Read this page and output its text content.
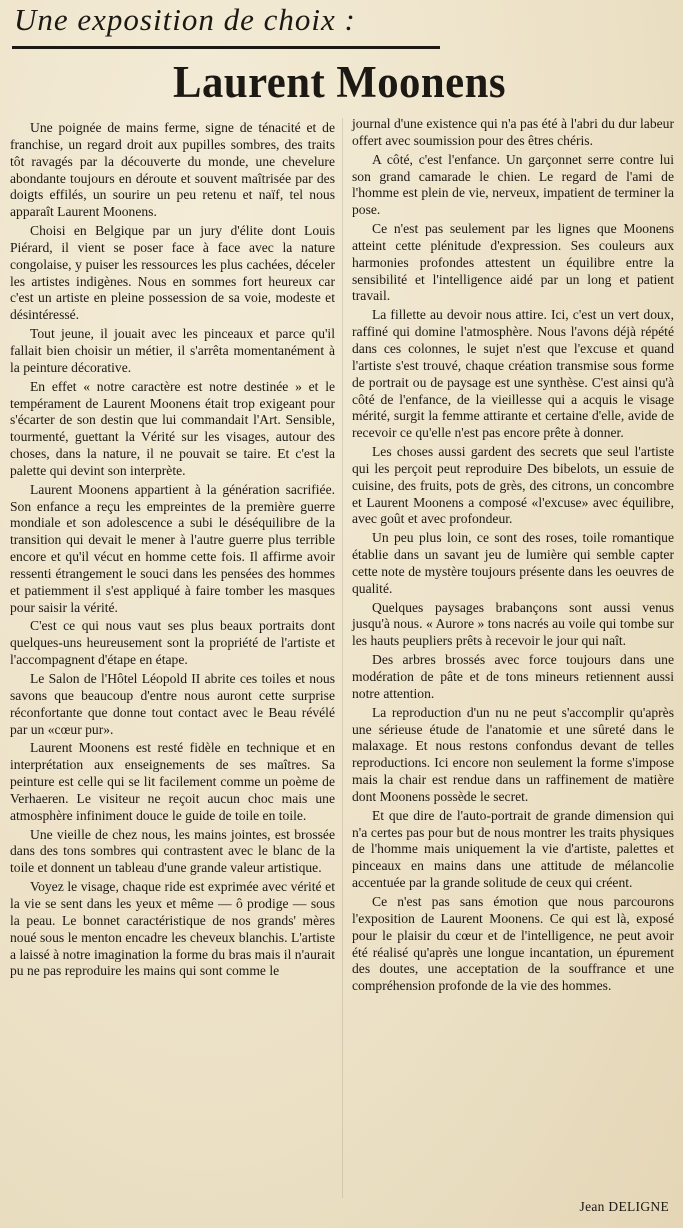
Une exposition de choix :
Laurent Moonens

Une poignée de mains ferme, signe de ténacité et de franchise, un regard droit aux pupilles sombres, des traits tôt ravagés par la découverte du monde, une chevelure abondante toujours en déroute et souvent maîtrisée par des doigts effilés, un sourire un peu retenu et naïf, tel nous apparaît Laurent Moonens.

Choisi en Belgique par un jury d'élite dont Louis Piérard, il vient se poser face à face avec la nature congolaise, y puiser les ressources les plus cachées, déceler les artistes indigènes. Nous en sommes fort heureux car c'est un artiste en pleine possession de sa voie, modeste et désintéressé.

Tout jeune, il jouait avec les pinceaux et parce qu'il fallait bien choisir un métier, il s'arrêta momentanément à la peinture décorative.

En effet « notre caractère est notre destinée » et le tempérament de Laurent Moonens était trop exigeant pour s'écarter de son destin que lui commandait l'Art. Sensible, tourmenté, guettant la Vérité sur les visages, autour des choses, dans la nature, il ne pouvait se taire. Et c'est la palette qui devint son interprète.

Laurent Moonens appartient à la génération sacrifiée. Son enfance a reçu les empreintes de la première guerre mondiale et son adolescence a subi le déséquilibre de la transition qui devait le mener à l'autre guerre plus terrible encore et qu'il vécut en homme cette fois. Il affirme avoir ressenti étrangement le souci dans les pensées des hommes et patiemment il s'est appliqué à faire tomber les masques pour saisir la vérité.

C'est ce qui nous vaut ses plus beaux portraits dont quelques-uns heureusement sont la propriété de l'artiste et l'accompagnent d'étape en étape.

Le Salon de l'Hôtel Léopold II abrite ces toiles et nous savons que beaucoup d'entre nous auront cette surprise réconfortante que donne tout contact avec le Beau révélé par un «cœur pur».

Laurent Moonens est resté fidèle en technique et en interprétation aux enseignements de ses maîtres. Sa peinture est celle qui se lit facilement comme un poème de Verhaeren. Le visiteur ne reçoit aucun choc mais une atmosphère infiniment douce le guide de toile en toile.

Une vieille de chez nous, les mains jointes, est brossée dans des tons sombres qui contrastent avec le blanc de la toile et donnent un tableau d'une grande valeur artistique.

Voyez le visage, chaque ride est exprimée avec vérité et la vie se sent dans les yeux et même — ô prodige — sous la peau. Le bonnet caractéristique de nos grands' mères noué sous le menton encadre les cheveux blanchis. L'artiste a laissé à notre imagination la forme du bras mais il n'aurait pu ne pas reproduire les mains qui sont comme le

journal d'une existence qui n'a pas été à l'abri du dur labeur offert avec soumission pour des êtres chéris.

A côté, c'est l'enfance. Un garçonnet serre contre lui son grand camarade le chien. Le regard de l'ami de l'homme est plein de vie, nerveux, impatient de terminer la pose.

Ce n'est pas seulement par les lignes que Moonens atteint cette plénitude d'expression. Ses couleurs aux harmonies profondes attestent un équilibre entre la sensibilité et l'intelligence aidé par un long et patient travail.

La fillette au devoir nous attire. Ici, c'est un vert doux, raffiné qui domine l'atmosphère. Nous l'avons déjà répété dans ces colonnes, le sujet n'est que l'excuse et quand l'artiste s'est trouvé, chaque création transmise sous forme de portrait ou de paysage est une synthèse. C'est ainsi qu'à côté de l'enfance, de la vieillesse qui a acquis le visage mérité, surgit la femme attirante et certaine d'elle, avide de recevoir ce qu'elle n'est pas encore prête à donner.

Les choses aussi gardent des secrets que seul l'artiste qui les perçoit peut reproduire Des bibelots, un essuie de cuisine, des fruits, pots de grès, des citrons, un concombre et Laurent Moonens a composé «l'excuse» avec équilibre, avec goût et avec profondeur.

Un peu plus loin, ce sont des roses, toile romantique établie dans un savant jeu de lumière qui semble capter cette note de mystère toujours présente dans les oeuvres de qualité.

Quelques paysages brabançons sont aussi venus jusqu'à nous. « Aurore » tons nacrés au voile qui tombe sur les hauts peupliers prêts à recevoir le jour qui naît.

Des arbres brossés avec force toujours dans une modération de pâte et de tons mineurs retiennent aussi notre attention.

La reproduction d'un nu ne peut s'accomplir qu'après une sérieuse étude de l'anatomie et une sûreté dans le malaxage. Et nous restons confondus devant de telles reproductions. Ici encore non seulement la forme s'impose mais la chair est rendue dans un raffinement de matière dont Moonens possède le secret.

Et que dire de l'auto-portrait de grande dimension qui n'a certes pas pour but de nous montrer les traits physiques de l'homme mais uniquement la vie d'artiste, palettes et pinceaux en mains dans une attitude de mélancolie accentuée par la grande solitude de ceux qui créent.

Ce n'est pas sans émotion que nous parcourons l'exposition de Laurent Moonens. Ce qui est là, exposé pour le plaisir du cœur et de l'intelligence, ne peut avoir été réalisé qu'après une longue incantation, un épurement des doutes, une acceptation de la souffrance et une compréhension profonde de la vie des hommes.

Jean DELIGNE
